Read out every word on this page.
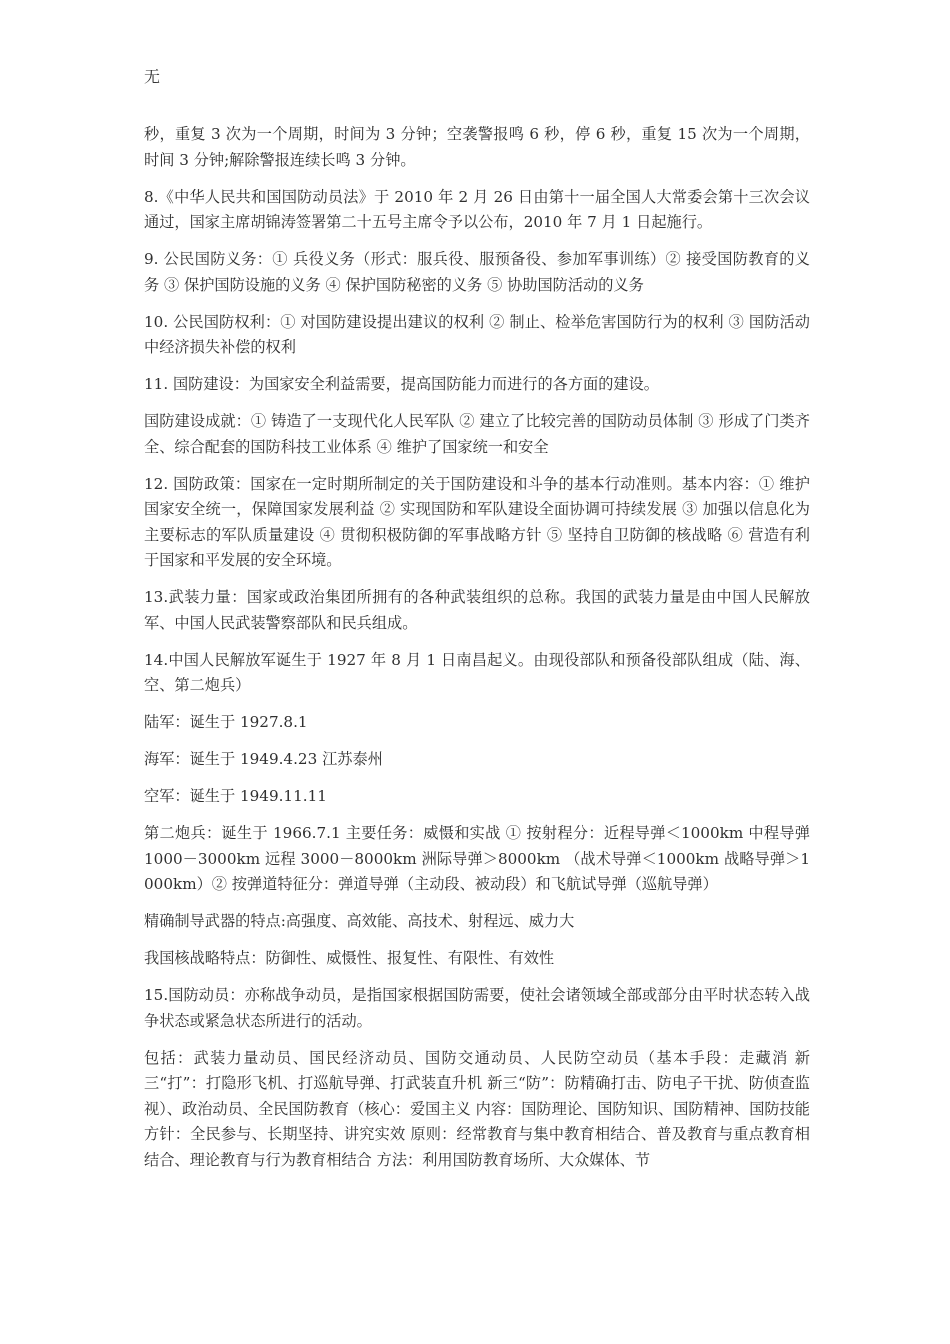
无

秒，重复 3 次为一个周期，时间为 3 分钟；空袭警报鸣 6 秒，停 6 秒，重复 15 次为一个周期，时间 3 分钟;解除警报连续长鸣 3 分钟。

8.《中华人民共和国国防动员法》于 2010 年 2 月 26 日由第十一届全国人大常委会第十三次会议通过，国家主席胡锦涛签署第二十五号主席令予以公布，2010 年 7 月 1 日起施行。

9. 公民国防义务：① 兵役义务（形式：服兵役、服预备役、参加军事训练）② 接受国防教育的义务 ③ 保护国防设施的义务 ④ 保护国防秘密的义务 ⑤ 协助国防活动的义务

10. 公民国防权利：① 对国防建设提出建议的权利 ② 制止、检举危害国防行为的权利 ③ 国防活动中经济损失补偿的权利

11. 国防建设：为国家安全利益需要，提高国防能力而进行的各方面的建设。

国防建设成就：① 铸造了一支现代化人民军队 ② 建立了比较完善的国防动员体制 ③ 形成了门类齐全、综合配套的国防科技工业体系 ④ 维护了国家统一和安全

12. 国防政策：国家在一定时期所制定的关于国防建设和斗争的基本行动准则。基本内容：① 维护国家安全统一，保障国家发展利益 ② 实现国防和军队建设全面协调可持续发展 ③ 加强以信息化为主要标志的军队质量建设 ④ 贯彻积极防御的军事战略方针 ⑤ 坚持自卫防御的核战略 ⑥ 营造有利于国家和平发展的安全环境。

13.武装力量：国家或政治集团所拥有的各种武装组织的总称。我国的武装力量是由中国人民解放军、中国人民武装警察部队和民兵组成。

14.中国人民解放军诞生于 1927 年 8 月 1 日南昌起义。由现役部队和预备役部队组成（陆、海、空、第二炮兵）

陆军：诞生于 1927.8.1

海军：诞生于 1949.4.23 江苏泰州

空军：诞生于 1949.11.11

第二炮兵：诞生于 1966.7.1 主要任务：威慑和实战 ① 按射程分：近程导弹＜1000km 中程导弹 1000－3000km 远程 3000－8000km 洲际导弹＞8000km （战术导弹＜1000km 战略导弹＞1000km）② 按弹道特征分：弹道导弹（主动段、被动段）和飞航试导弹（巡航导弹）

精确制导武器的特点:高强度、高效能、高技术、射程远、威力大

我国核战略特点：防御性、威慑性、报复性、有限性、有效性

15.国防动员：亦称战争动员，是指国家根据国防需要，使社会诸领域全部或部分由平时状态转入战争状态或紧急状态所进行的活动。

包括：武装力量动员、国民经济动员、国防交通动员、人民防空动员（基本手段：走藏消 新三“打”：打隐形飞机、打巡航导弹、打武装直升机 新三“防”：防精确打击、防电子干扰、防侦查监视）、政治动员、全民国防教育（核心：爱国主义 内容：国防理论、国防知识、国防精神、国防技能 方针：全民参与、长期坚持、讲究实效 原则：经常教育与集中教育相结合、普及教育与重点教育相结合、理论教育与行为教育相结合 方法：利用国防教育场所、大众媒体、节
